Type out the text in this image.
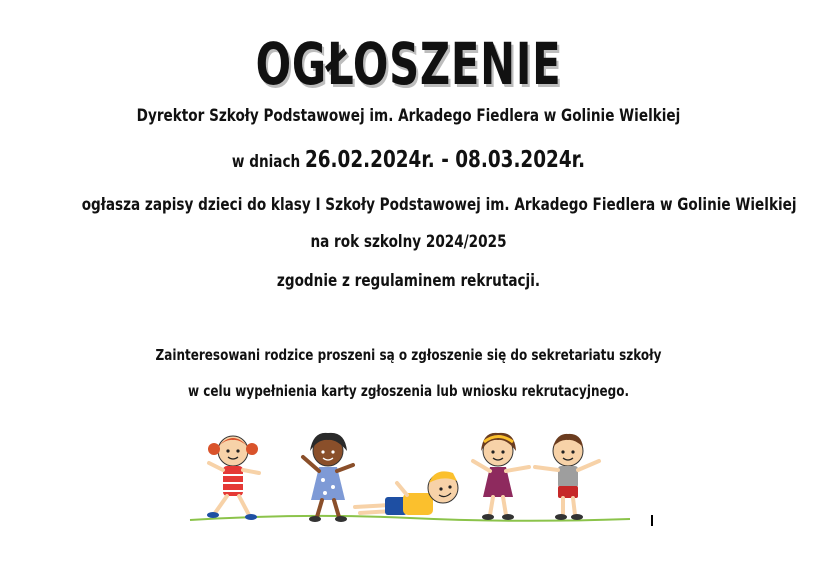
OGŁOSZENIE
Dyrektor Szkoły Podstawowej im. Arkadego Fiedlera w Golinie Wielkiej
w dniach 26.02.2024r. - 08.03.2024r.
ogłasza zapisy dzieci do klasy I Szkoły Podstawowej im. Arkadego Fiedlera w Golinie Wielkiej
na rok szkolny 2024/2025
zgodnie z regulaminem rekrutacji.
Zainteresowani rodzice proszeni są o zgłoszenie się do sekretariatu szkoły
w celu wypełnienia karty zgłoszenia lub wniosku rekrutacyjnego.
